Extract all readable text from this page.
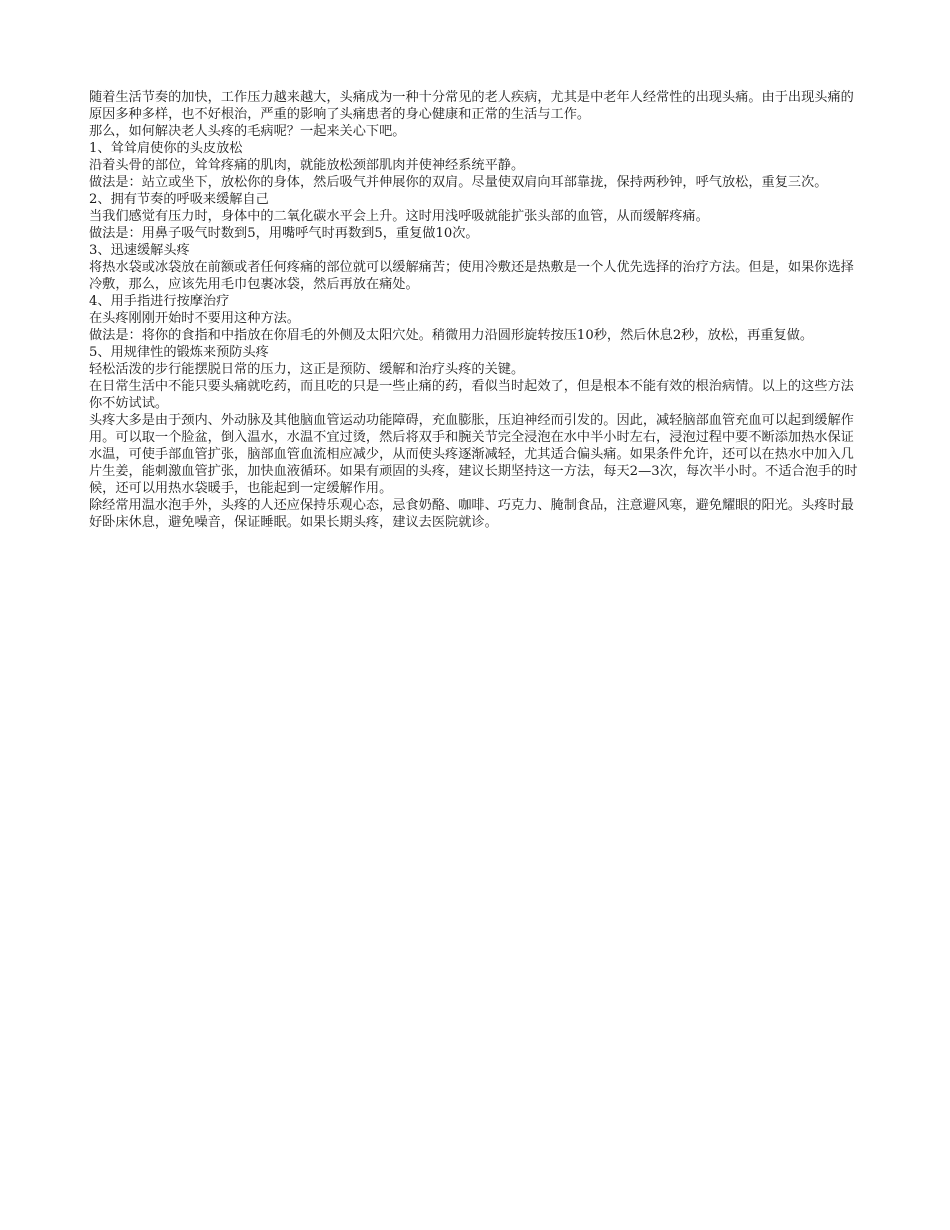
随着生活节奏的加快，工作压力越来越大，头痛成为一种十分常见的老人疾病，尤其是中老年人经常性的出现头痛。由于出现头痛的原因多种多样，也不好根治，严重的影响了头痛患者的身心健康和正常的生活与工作。

那么，如何解决老人头疼的毛病呢？一起来关心下吧。

1、耸耸肩使你的头皮放松

沿着头骨的部位，耸耸疼痛的肌肉，就能放松颈部肌肉并使神经系统平静。

做法是：站立或坐下，放松你的身体，然后吸气并伸展你的双肩。尽量使双肩向耳部靠拢，保持两秒钟，呼气放松，重复三次。

2、拥有节奏的呼吸来缓解自己

当我们感觉有压力时，身体中的二氧化碳水平会上升。这时用浅呼吸就能扩张头部的血管，从而缓解疼痛。

做法是：用鼻子吸气时数到5，用嘴呼气时再数到5，重复做10次。

3、迅速缓解头疼

将热水袋或冰袋放在前额或者任何疼痛的部位就可以缓解痛苦；使用冷敷还是热敷是一个人优先选择的治疗方法。但是，如果你选择冷敷，那么，应该先用毛巾包裹冰袋，然后再放在痛处。

4、用手指进行按摩治疗

在头疼刚刚开始时不要用这种方法。

做法是：将你的食指和中指放在你眉毛的外侧及太阳穴处。稍微用力沿圆形旋转按压10秒，然后休息2秒，放松，再重复做。

5、用规律性的锻炼来预防头疼

轻松活泼的步行能摆脱日常的压力，这正是预防、缓解和治疗头疼的关键。

在日常生活中不能只要头痛就吃药，而且吃的只是一些止痛的药，看似当时起效了，但是根本不能有效的根治病情。以上的这些方法你不妨试试。

头疼大多是由于颈内、外动脉及其他脑血管运动功能障碍，充血膨胀，压迫神经而引发的。因此，减轻脑部血管充血可以起到缓解作用。可以取一个脸盆，倒入温水，水温不宜过烫，然后将双手和腕关节完全浸泡在水中半小时左右，浸泡过程中要不断添加热水保证水温，可使手部血管扩张，脑部血管血流相应减少，从而使头疼逐渐减轻，尤其适合偏头痛。如果条件允许，还可以在热水中加入几片生姜，能刺激血管扩张，加快血液循环。如果有顽固的头疼，建议长期坚持这一方法，每天2—3次，每次半小时。不适合泡手的时候，还可以用热水袋暖手，也能起到一定缓解作用。

除经常用温水泡手外，头疼的人还应保持乐观心态，忌食奶酪、咖啡、巧克力、腌制食品，注意避风寒，避免耀眼的阳光。头疼时最好卧床休息，避免噪音，保证睡眠。如果长期头疼，建议去医院就诊。
